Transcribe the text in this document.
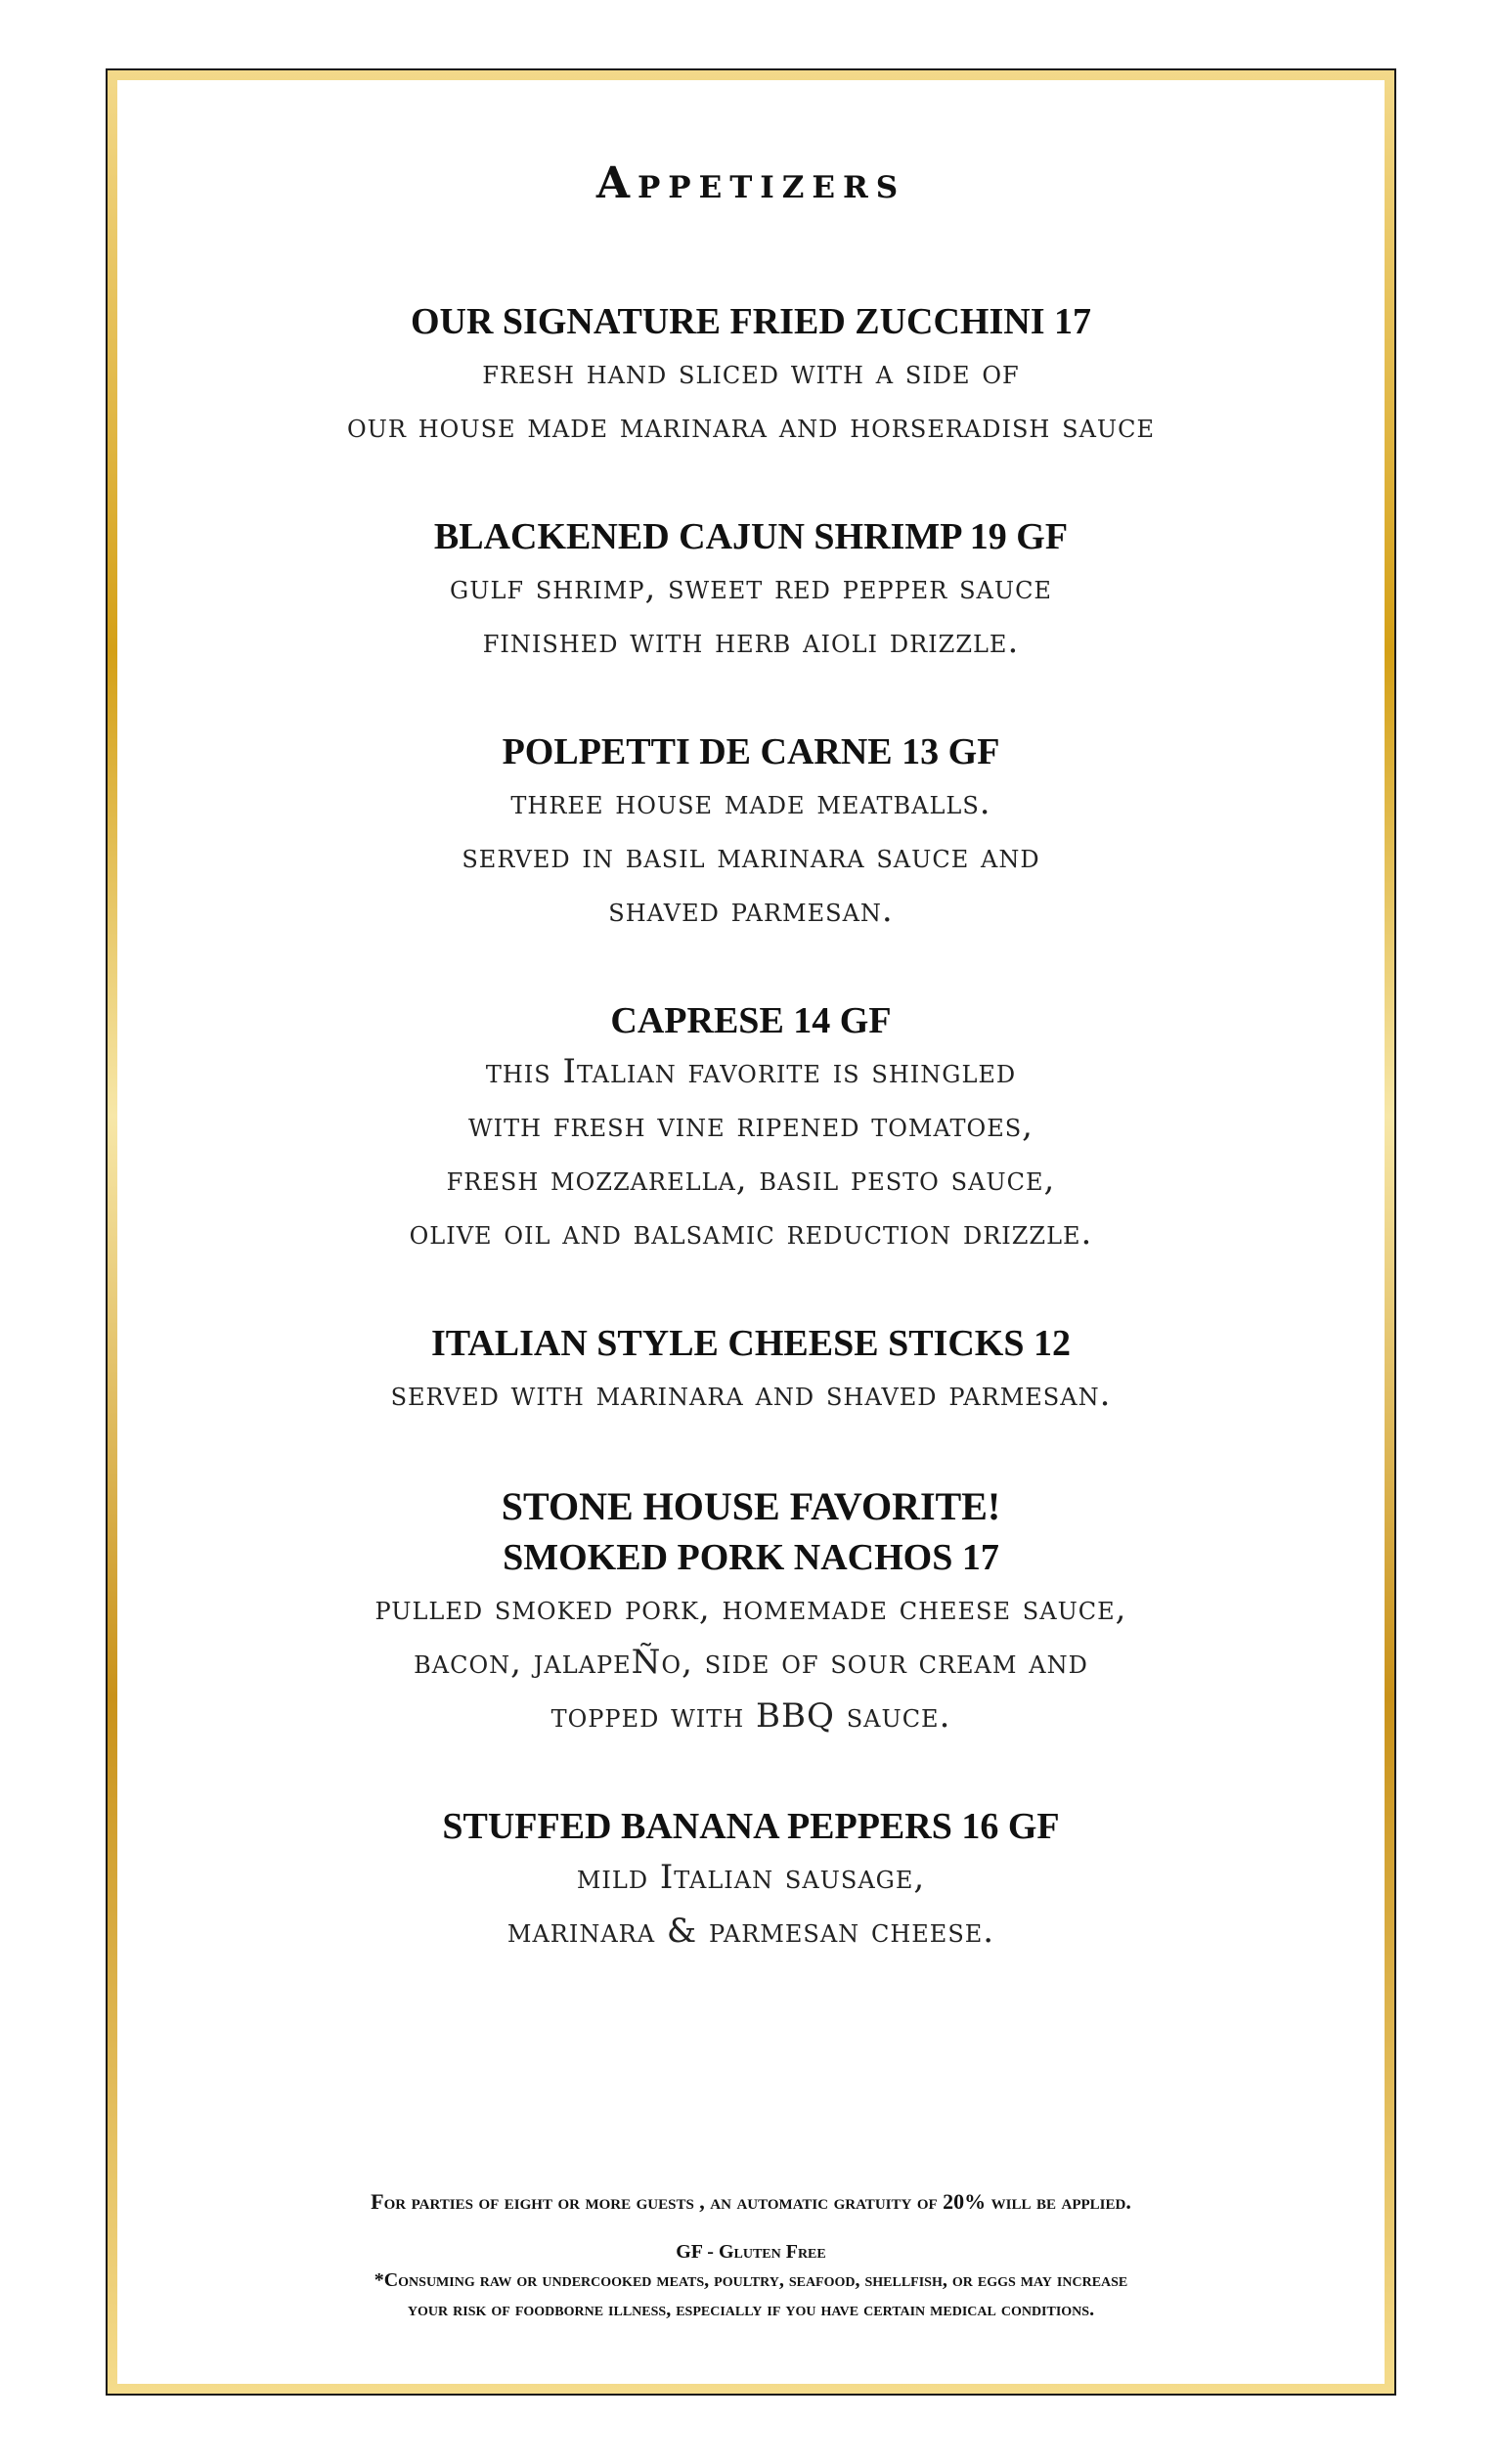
Appetizers
OUR SIGNATURE FRIED ZUCCHINI 17
fresh hand sliced with a side of
our house made marinara and horseradish sauce
BLACKENED CAJUN SHRIMP 19 GF
gulf shrimp, sweet red pepper sauce
finished with herb aioli drizzle.
POLPETTI DE CARNE 13 GF
three house made meatballs.
served in basil marinara sauce and
shaved parmesan.
CAPRESE 14 GF
this Italian favorite is shingled
with fresh vine ripened tomatoes,
fresh mozzarella, basil pesto sauce,
olive oil and balsamic reduction drizzle.
ITALIAN STYLE CHEESE STICKS 12
served with marinara and shaved parmesan.
STONE HOUSE FAVORITE!
SMOKED PORK NACHOS 17
pulled smoked pork, homemade cheese sauce,
bacon, jalapeÑo, side of sour cream and
topped with BBQ sauce.
STUFFED BANANA PEPPERS 16 GF
mild Italian sausage,
marinara & parmesan cheese.
For parties of eight or more guests , an automatic gratuity of 20% will be applied.
GF - Gluten Free
*Consuming raw or undercooked meats, poultry, seafood, shellfish, or eggs may increase
your risk of foodborne illness, especially if you have certain medical conditions.
